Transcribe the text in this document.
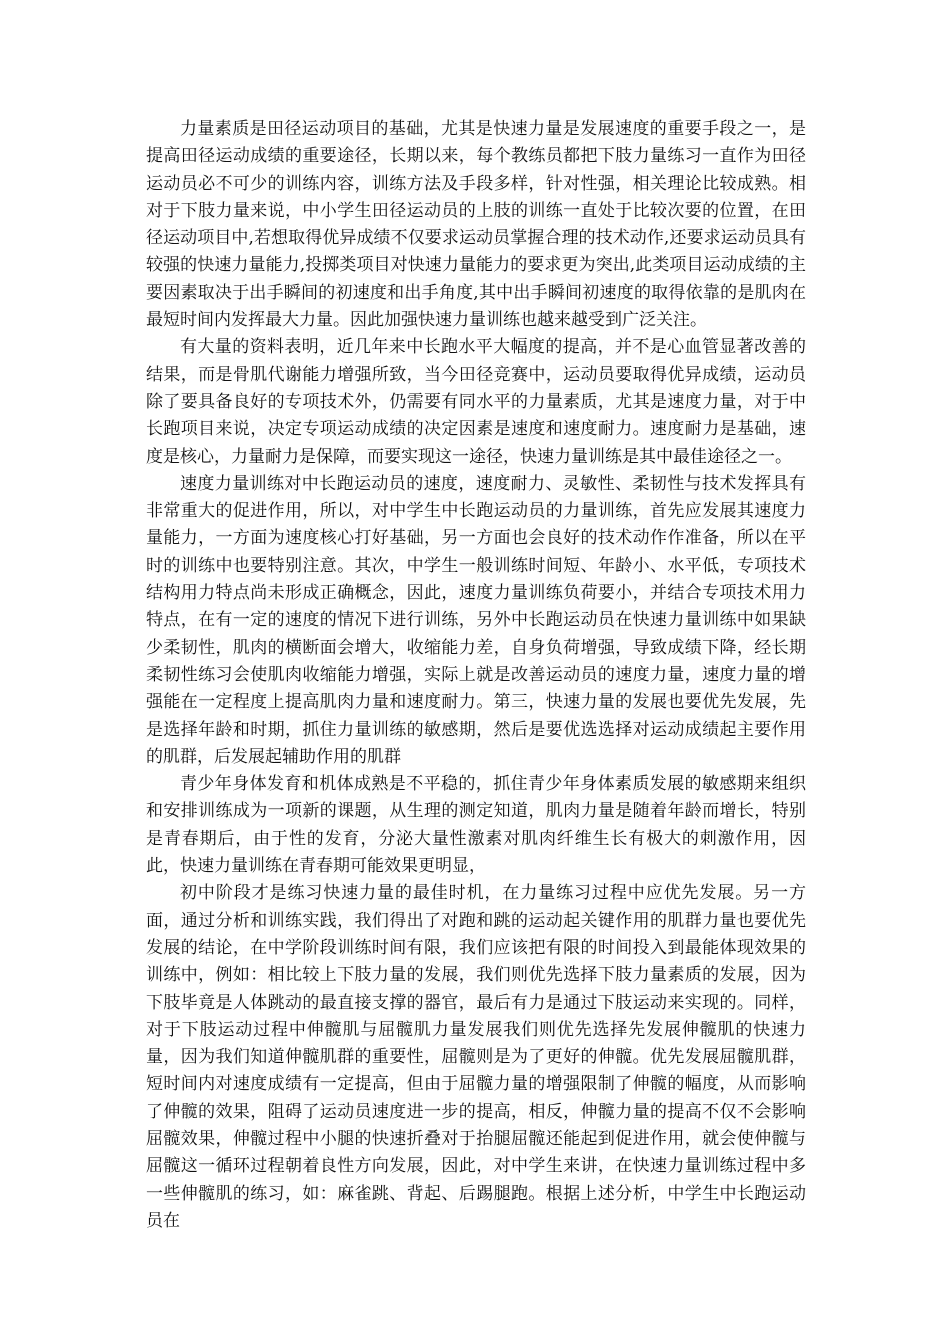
力量素质是田径运动项目的基础，尤其是快速力量是发展速度的重要手段之一，是提高田径运动成绩的重要途径，长期以来，每个教练员都把下肢力量练习一直作为田径运动员必不可少的训练内容，训练方法及手段多样，针对性强，相关理论比较成熟。相对于下肢力量来说，中小学生田径运动员的上肢的训练一直处于比较次要的位置，在田径运动项目中,若想取得优异成绩不仅要求运动员掌握合理的技术动作,还要求运动员具有较强的快速力量能力,投掷类项目对快速力量能力的要求更为突出,此类项目运动成绩的主要因素取决于出手瞬间的初速度和出手角度,其中出手瞬间初速度的取得依靠的是肌肉在最短时间内发挥最大力量。因此加强快速力量训练也越来越受到广泛关注。

有大量的资料表明，近几年来中长跑水平大幅度的提高，并不是心血管显著改善的结果，而是骨肌代谢能力增强所致，当今田径竞赛中，运动员要取得优异成绩，运动员除了要具备良好的专项技术外，仍需要有同水平的力量素质，尤其是速度力量，对于中长跑项目来说，决定专项运动成绩的决定因素是速度和速度耐力。速度耐力是基础，速度是核心，力量耐力是保障，而要实现这一途径，快速力量训练是其中最佳途径之一。

速度力量训练对中长跑运动员的速度，速度耐力、灵敏性、柔韧性与技术发挥具有非常重大的促进作用，所以，对中学生中长跑运动员的力量训练，首先应发展其速度力量能力，一方面为速度核心打好基础，另一方面也会良好的技术动作作准备，所以在平时的训练中也要特别注意。其次，中学生一般训练时间短、年龄小、水平低，专项技术结构用力特点尚未形成正确概念，因此，速度力量训练负荷要小，并结合专项技术用力特点，在有一定的速度的情况下进行训练，另外中长跑运动员在快速力量训练中如果缺少柔韧性，肌肉的横断面会增大，收缩能力差，自身负荷增强，导致成绩下降，经长期柔韧性练习会使肌肉收缩能力增强，实际上就是改善运动员的速度力量，速度力量的增强能在一定程度上提高肌肉力量和速度耐力。第三，快速力量的发展也要优先发展，先是选择年龄和时期，抓住力量训练的敏感期，然后是要优选选择对运动成绩起主要作用的肌群，后发展起辅助作用的肌群

青少年身体发育和机体成熟是不平稳的，抓住青少年身体素质发展的敏感期来组织和安排训练成为一项新的课题，从生理的测定知道，肌肉力量是随着年龄而增长，特别是青春期后，由于性的发育，分泌大量性激素对肌肉纤维生长有极大的刺激作用，因此，快速力量训练在青春期可能效果更明显，

初中阶段才是练习快速力量的最佳时机，在力量练习过程中应优先发展。另一方面，通过分析和训练实践，我们得出了对跑和跳的运动起关键作用的肌群力量也要优先发展的结论，在中学阶段训练时间有限，我们应该把有限的时间投入到最能体现效果的训练中，例如：相比较上下肢力量的发展，我们则优先选择下肢力量素质的发展，因为下肢毕竟是人体跳动的最直接支撑的器官，最后有力是通过下肢运动来实现的。同样，对于下肢运动过程中伸髋肌与屈髋肌力量发展我们则优先选择先发展伸髋肌的快速力量，因为我们知道伸髋肌群的重要性，屈髋则是为了更好的伸髋。优先发展屈髋肌群，短时间内对速度成绩有一定提高，但由于屈髋力量的增强限制了伸髋的幅度，从而影响了伸髋的效果，阻碍了运动员速度进一步的提高，相反，伸髋力量的提高不仅不会影响屈髋效果，伸髋过程中小腿的快速折叠对于抬腿屈髋还能起到促进作用，就会使伸髋与屈髋这一循环过程朝着良性方向发展，因此，对中学生来讲，在快速力量训练过程中多一些伸髋肌的练习，如：麻雀跳、背起、后踢腿跑。根据上述分析，中学生中长跑运动员在
